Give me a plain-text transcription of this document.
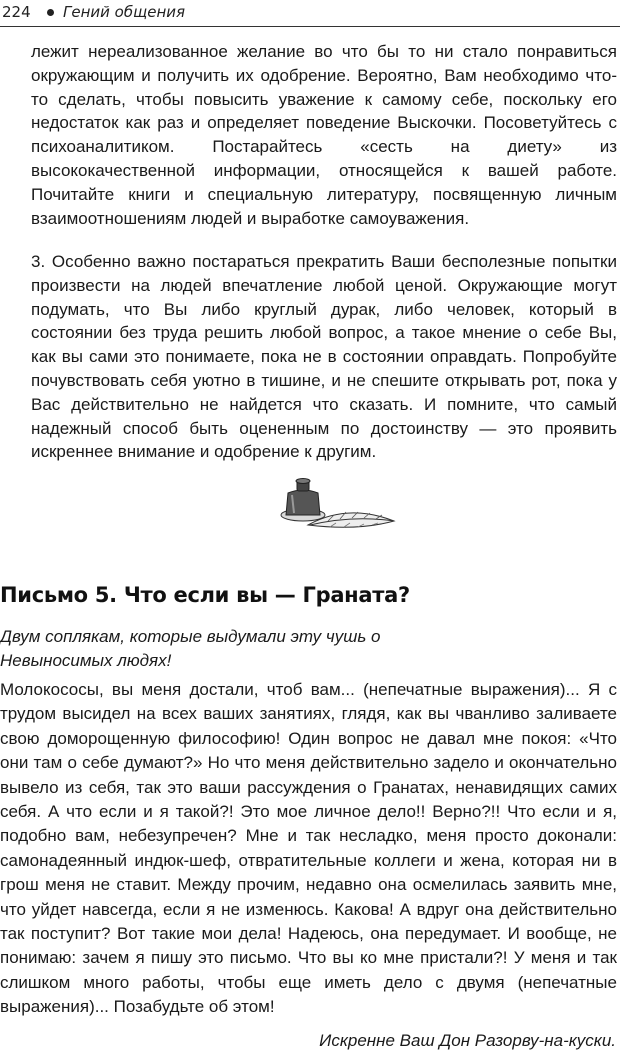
224 Гений общения

лежит нереализованное желание во что бы то ни стало понравиться окружающим и получить их одобрение. Вероятно, Вам необходимо что-то сделать, чтобы повысить уважение к самому себе, поскольку его недостаток как раз и определяет поведение Выскочки. Посоветуйтесь с психоаналитиком. Постарайтесь «сесть на диету» из высококачественной информации, относящейся к вашей работе. Почитайте книги и специальную литературу, посвященную личным взаимоотношениям людей и выработке самоуважения.

3. Особенно важно постараться прекратить Ваши бесполезные попытки произвести на людей впечатление любой ценой. Окружающие могут подумать, что Вы либо круглый дурак, либо человек, который в состоянии без труда решить любой вопрос, а такое мнение о себе Вы, как вы сами это понимаете, пока не в состоянии оправдать. Попробуйте почувствовать себя уютно в тишине, и не спешите открывать рот, пока у Вас действительно не найдется что сказать. И помните, что самый надежный способ быть оцененным по достоинству — это проявить искреннее внимание и одобрение к другим.

Письмо 5. Что если вы — Граната?

Двум сoплякам, которые выдумали эту чушь о Невыносимых людях!

Молокососы, вы меня достали, чтоб вам... (непечатные выражения)... Я с трудом высидел на всех ваших занятиях, глядя, как вы чванливо заливаете свою доморощенную философию! Один вопрос не давал мне покоя: «Что они там о себе думают?» Но что меня действительно задело и окончательно вывело из себя, так это ваши рассуждения о Гранатах, ненавидящих самих себя. А что если и я такой?! Это мое личное дело!! Верно?!! Что если и я, подобно вам, небезупречен? Мне и так несладко, меня просто доконали: самонадеянный индюк-шеф, отвратительные коллеги и жена, которая ни в грош меня не ставит. Между прочим, недавно она осмелилась заявить мне, что уйдет навсегда, если я не изменюсь. Какова! А вдруг она действительно так поступит? Вот такие мои дела! Надеюсь, она передумает. И вообще, не понимаю: зачем я пишу это письмо. Что вы ко мне пристали?! У меня и так слишком много работы, чтобы еще иметь дело с двумя (непечатные выражения)... Позабудьте об этом!

Искренне Ваш Дон Разорву-на-куски.
